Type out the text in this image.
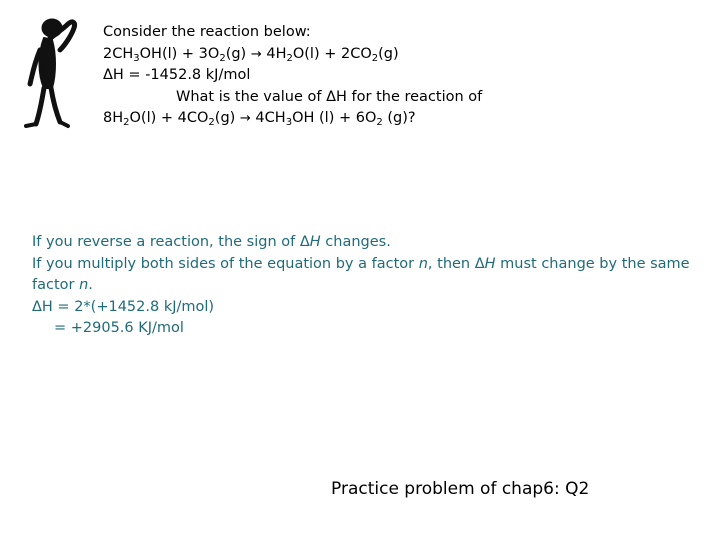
Consider the reaction below:
$2CH_3OH(l) + 3O_2(g) \to 4H_2O(l) + 2CO_2(g)$
ΔH = -1452.8 kJ/mol
What is the value of ΔH for the reaction of
$8H_2O(l) + 4CO_2(g) \to 4CH_3OH$ $(l) + 6O_2$ (g)?
If you reverse a reaction, the sign of ΔH changes.
If you multiply both sides of the equation by a factor n, then ΔH must change by the same factor n.
ΔH = 2*(+1452.8 kJ/mol)
= +2905.6 KJ/mol
Practice problem of chap6: Q2
